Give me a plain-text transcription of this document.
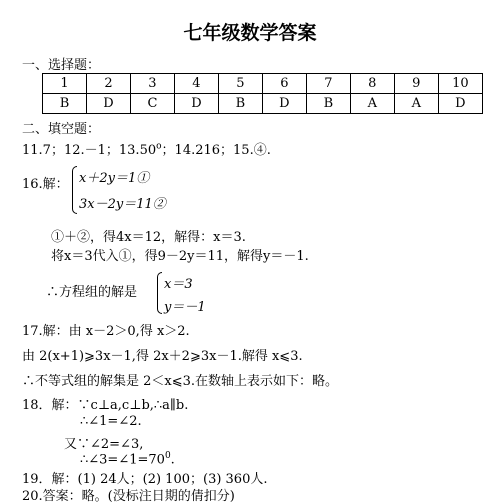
七年级数学答案
一、选择题：
1	2	3	4	5	6	7	8	9	10
B	D	C	D	B	D	B	A	A	D
二、填空题：
11.7；12.－1；13.50$^o$；14.216；15.④.
16.解： x＋2y＝1①
3x－2y＝11②
①＋②，得4x＝12，解得：x＝3.
将x＝3代入①，得9－2y＝11，解得y＝－1.
∴方程组的解是
x＝3
y＝－1
17.解：由 x－2＞0,得 x＞2.
由 2(x+1)⩾3x－1,得 2x＋2⩾3x－1.解得 x⩽3.
∴不等式组的解集是 2＜x⩽3.在数轴上表示如下：略。
18．解：∵c⊥a,c⊥b,∴a∥b.
∴∠1=∠2.
又∵∠2=∠3,
$\therefore\angle 3=\angle 1=70^0$.
19．解：(1) 24人；(2) 100；(3) 360人.
20.答案：略。(没标注日期的倩扣分)
